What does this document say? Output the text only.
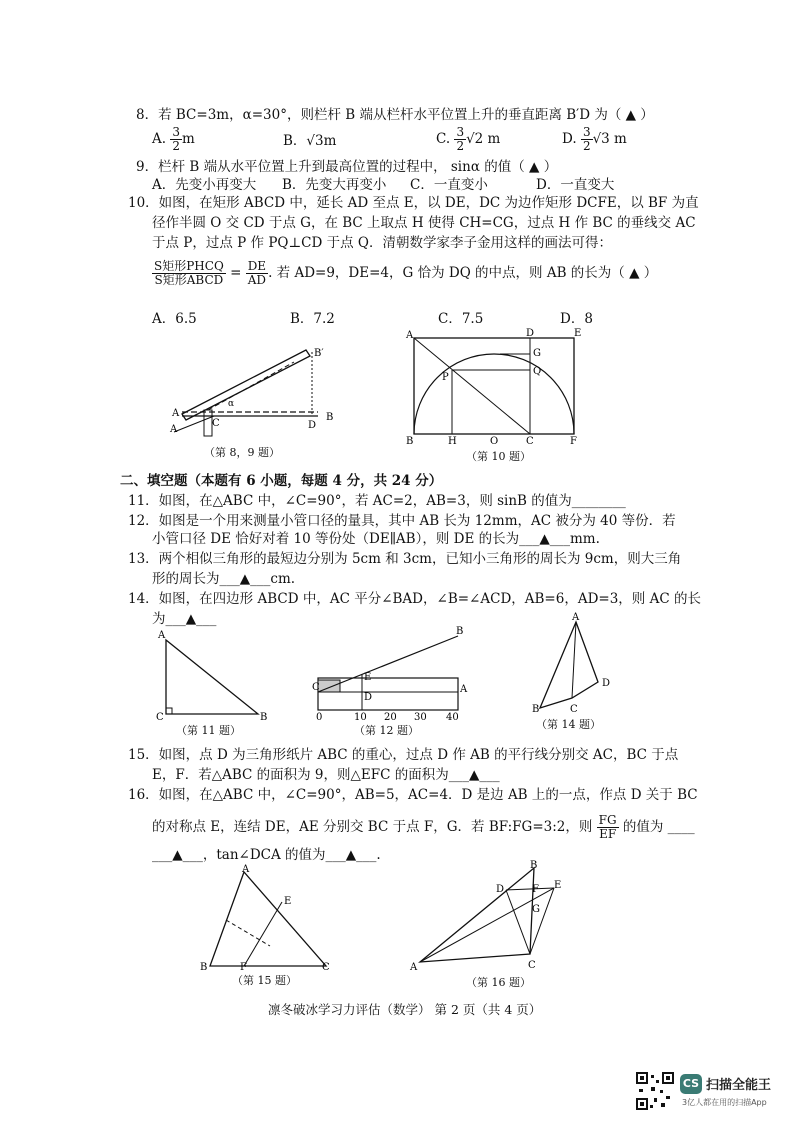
8．若 BC=3m，α=30°，则栏杆 B 端从栏杆水平位置上升的垂直距离 B′D 为（ ▲ ）
A. $\frac{3}{2}$ m	B．√3m	C. $\frac{3}{2} √2$ m	D. $\frac{3}{2} √3$ m
9．栏杆 B 端从水平位置上升到最高位置的过程中， sinα 的值（ ▲ ）
A．先变小再变大 B．先变大再变小 C．一直变小	D．一直变大
10．如图，在矩形 ABCD 中，延长 AD 至点 E，以 DE，DC 为边作矩形 DCFE，以 BF 为直
径作半圆 O 交 CD 于点 G，在 BC 上取点 H 使得 CH=CG，过点 H 作 BC 的垂线交 AC
于点 P，过点 P 作 PQ⊥CD 于点 Q．清朝数学家李子金用这样的画法可得：
$\frac{\text{S矩形PHCQ}}{\text{S矩形ABCD}} = \frac{DE}{AD}$ . 若 AD=9，DE=4，G 恰为 DQ 的中点，则 AB 的长为（ ▲ ）
A．6.5	B．7.2	C．7.5	D．8
A
A
C
B′
B
D
α
（第 8，9 题）
A	D	E
G
P
Q
B	H	O	C	F
（第 10 题）
二、填空题（本题有 6 小题，每题 4 分，共 24 分）
11．如图，在△ABC 中，∠C=90°，若 AC=2，AB=3，则 sinB 的值为________
12．如图是一个用来测量小管口径的量具，其中 AB 长为 12mm，AC 被分为 40 等份．若
小管口径 DE 恰好对着 10 等份处（DE∥AB），则 DE 的长为___▲___mm.
13．两个相似三角形的最短边分别为 5cm 和 3cm，已知小三角形的周长为 9cm，则大三角
形的周长为___▲___cm.
14．如图，在四边形 ABCD 中，AC 平分∠BAD，∠B=∠ACD，AB=6，AD=3，则 AC 的长
为___▲___
A
C	B
（第 11 题）
C
E
D
B
A
0	10 20 30 40
（第 12 题）
A
B	C
D
（第 14 题）
15．如图，点 D 为三角形纸片 ABC 的重心，过点 D 作 AB 的平行线分别交 AC，BC 于点
E，F．若△ABC 的面积为 9，则△EFC 的面积为___▲___
16．如图，在△ABC 中，∠C=90°，AB=5，AC=4．D 是边 AB 上的一点，作点 D 关于 BC
的对称点 E，连结 DE，AE 分别交 BC 于点 F，G．若 BF:FG=3:2，则 $\frac{FG}{EF}$ 的值为 ____
___▲___，tan∠DCA 的值为___▲___.
A
B	F	C
E
（第 15 题）
B
D	F E
G
A	C
（第 16 题）
凛冬破冰学习力评估（数学） 第 2 页（共 4 页）
CS 扫描全能王
3亿人都在用的扫描App
